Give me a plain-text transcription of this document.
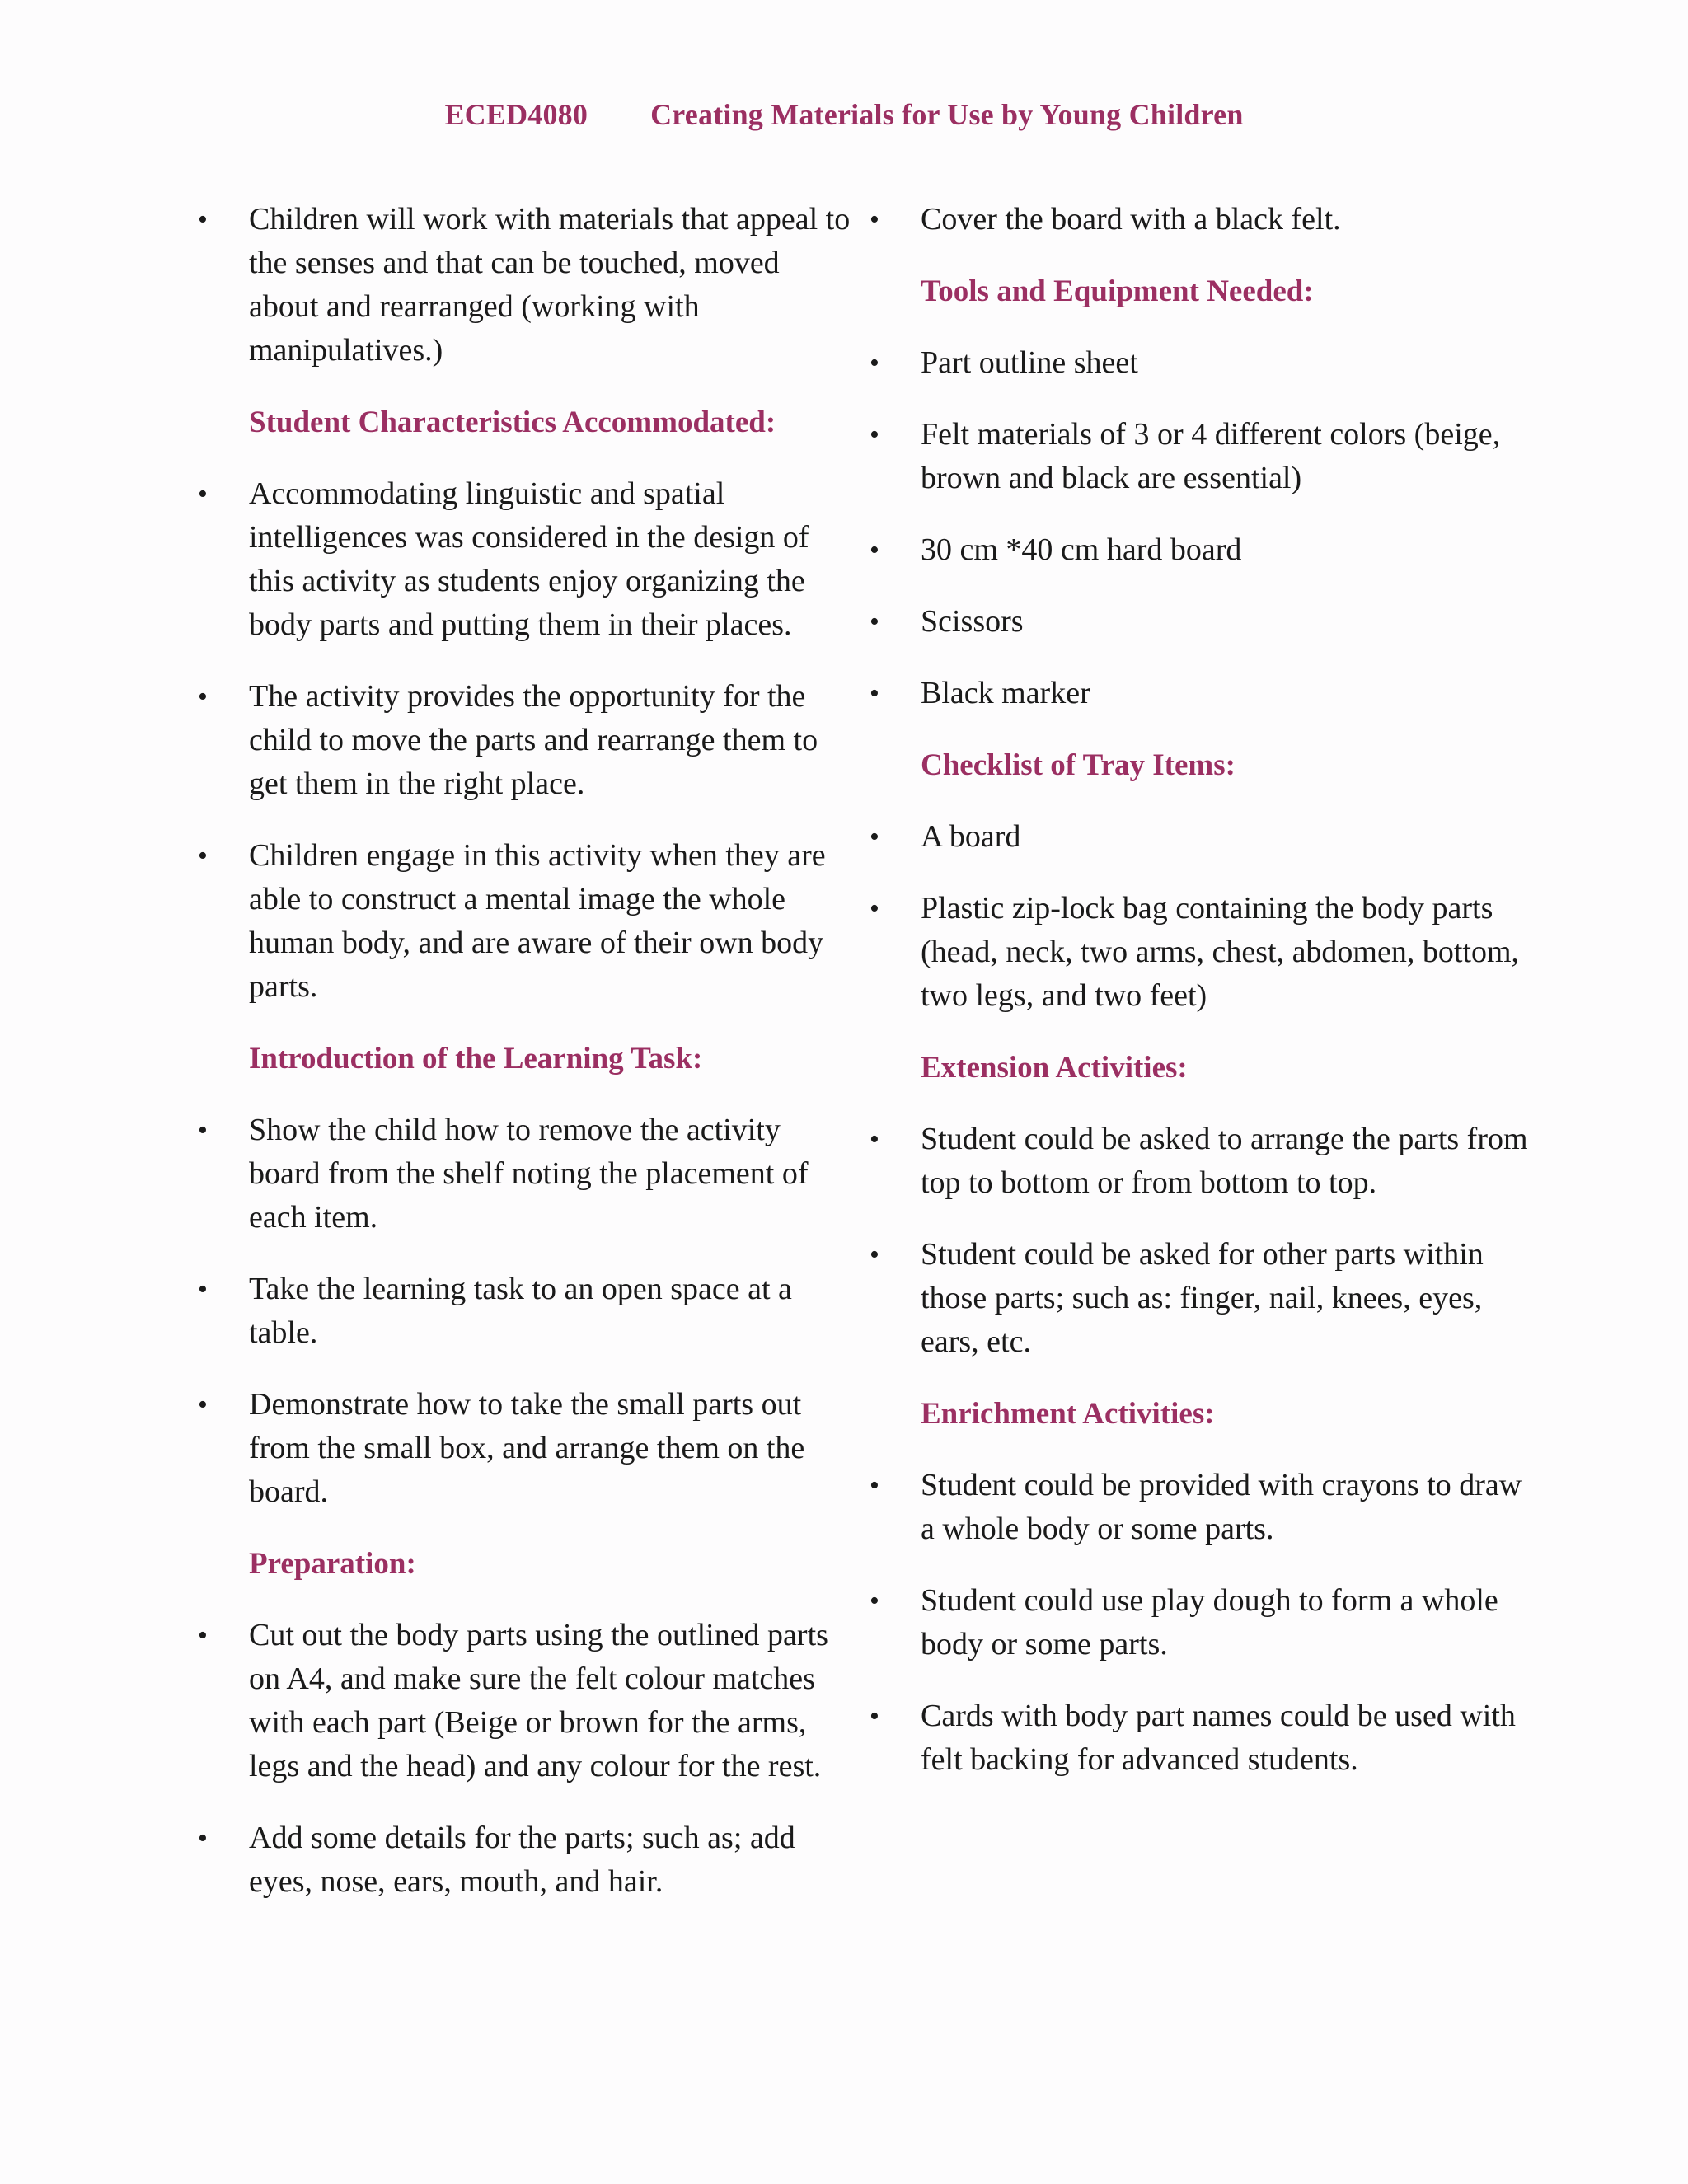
ECED4080 Creating Materials for Use by Young Children
• Children will work with materials that appeal to the senses and that can be touched, moved about and rearranged (working with manipulatives.)
Student Characteristics Accommodated:
• Accommodating linguistic and spatial intelligences was considered in the design of this activity as students enjoy organizing the body parts and putting them in their places.
• The activity provides the opportunity for the child to move the parts and rearrange them to get them in the right place.
• Children engage in this activity when they are able to construct a mental image the whole human body, and are aware of their own body parts.
Introduction of the Learning Task:
• Show the child how to remove the activity board from the shelf noting the placement of each item.
• Take the learning task to an open space at a table.
• Demonstrate how to take the small parts out from the small box, and arrange them on the board.
Preparation:
• Cut out the body parts using the outlined parts on A4, and make sure the felt colour matches with each part (Beige or brown for the arms, legs and the head) and any colour for the rest.
• Add some details for the parts; such as; add eyes, nose, ears, mouth, and hair.
• Cover the board with a black felt.
Tools and Equipment Needed:
• Part outline sheet
• Felt materials of 3 or 4 different colors (beige, brown and black are essential)
• 30 cm *40 cm hard board
• Scissors
• Black marker
Checklist of Tray Items:
• A board
• Plastic zip-lock bag containing the body parts (head, neck, two arms, chest, abdomen, bottom, two legs, and two feet)
Extension Activities:
• Student could be asked to arrange the parts from top to bottom or from bottom to top.
• Student could be asked for other parts within those parts; such as: finger, nail, knees, eyes, ears, etc.
Enrichment Activities:
• Student could be provided with crayons to draw a whole body or some parts.
• Student could use play dough to form a whole body or some parts.
• Cards with body part names could be used with felt backing for advanced students.
